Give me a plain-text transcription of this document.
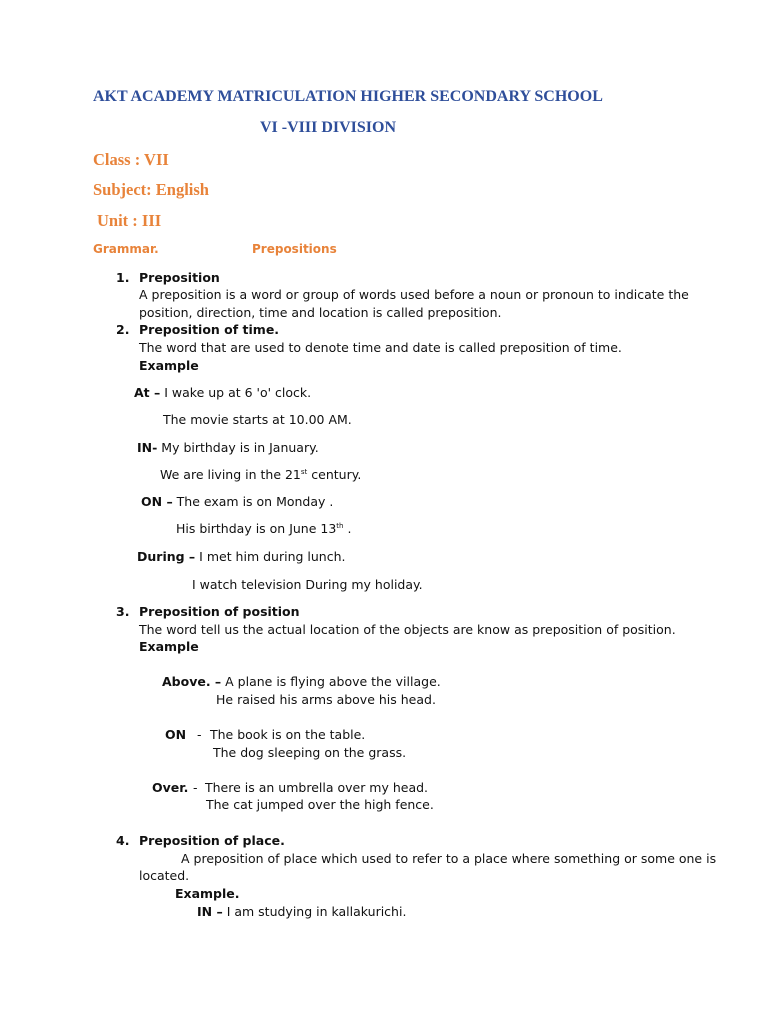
AKT ACADEMY MATRICULATION HIGHER SECONDARY SCHOOL
VI -VIII DIVISION
Class : VII
Subject: English
Unit : III
Grammar.	Prepositions
1. Preposition
A preposition is a word or group of words used before a noun or pronoun to indicate the
position, direction, time and location is called preposition.
2. Preposition of time.
The word that are used to denote time and date is called preposition of time.
Example
At – I wake up at 6 'o' clock.
The movie starts at 10.00 AM.
IN- My birthday is in January.
We are living in the 21st century.
ON – The exam is on Monday .
His birthday is on June 13th .
During – I met him during lunch.
I watch television During my holiday.
3. Preposition of position
The word tell us the actual location of the objects are know as preposition of position.
Example
Above. – A plane is flying above the village.
He raised his arms above his head.
ON - The book is on the table.
The dog sleeping on the grass.
Over. - There is an umbrella over my head.
The cat jumped over the high fence.
4. Preposition of place.
A preposition of place which used to refer to a place where something or some one is
located.
Example.
IN – I am studying in kallakurichi.
